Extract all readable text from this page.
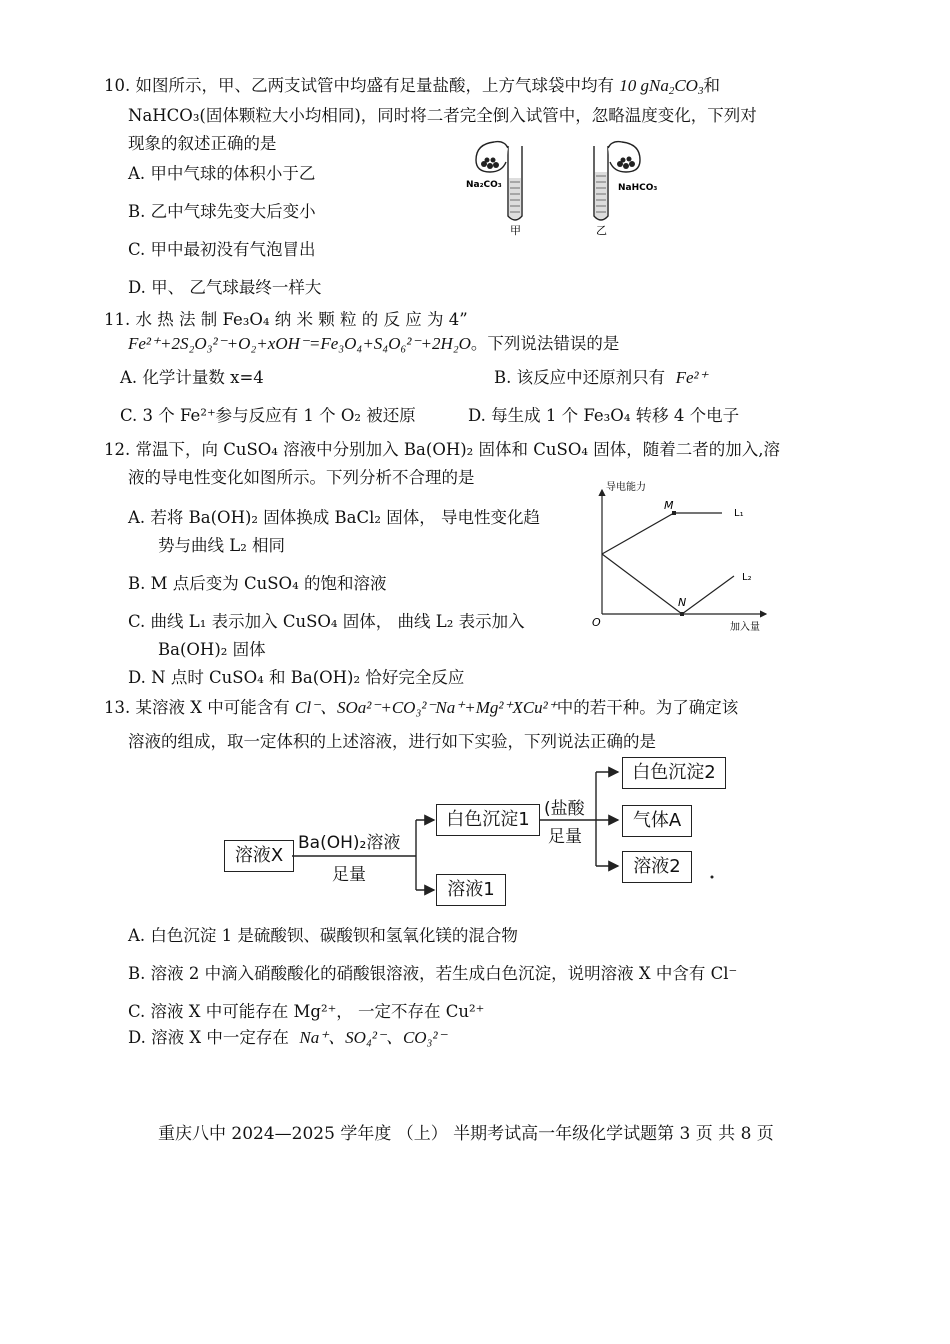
10. 如图所示，甲、乙两支试管中均盛有足量盐酸，上方气球袋中均有 10 gNa2CO3和
NaHCO₃(固体颗粒大小均相同)，同时将二者完全倒入试管中，忽略温度变化，下列对
现象的叙述正确的是
A. 甲中气球的体积小于乙
B. 乙中气球先变大后变小
C. 甲中最初没有气泡冒出
D. 甲、 乙气球最终一样大
Na₂CO₃	NaHCO₃
甲	乙
11. 水 热 法 制 Fe₃O₄ 纳 米 颗 粒 的 反 应 为 4”
Fe²⁺+2S₂O₃²⁻+O₂+xOH⁻=Fe₃O₄+S₄O₆²⁻+2H₂O。下列说法错误的是
A. 化学计量数 x=4	B. 该反应中还原剂只有 Fe²⁺
C. 3 个 Fe²⁺参与反应有 1 个 O₂ 被还原	D. 每生成 1 个 Fe₃O₄ 转移 4 个电子
12. 常温下，向 CuSO₄ 溶液中分别加入 Ba(OH)₂ 固体和 CuSO₄ 固体，随着二者的加入,溶
液的导电性变化如图所示。下列分析不合理的是
A. 若将 Ba(OH)₂ 固体换成 BaCl₂ 固体， 导电性变化趋
势与曲线 L₂ 相同
B. M 点后变为 CuSO₄ 的饱和溶液
C. 曲线 L₁ 表示加入 CuSO₄ 固体， 曲线 L₂ 表示加入
Ba(OH)₂ 固体
D. N 点时 CuSO₄ 和 Ba(OH)₂ 恰好完全反应
导电能力
加入量
O
M
N
L₁
L₂
13. 某溶液 X 中可能含有 Cl⁻、SOa²⁻+CO₃²⁻Na⁺+Mg²⁺XCu²⁺中的若干种。为了确定该
溶液的组成，取一定体积的上述溶液，进行如下实验，下列说法正确的是
溶液X
Ba(OH)₂溶液
足量
白色沉淀1
溶液1
(盐酸
足量
白色沉淀2
气体A
溶液2
A. 白色沉淀 1 是硫酸钡、碳酸钡和氢氧化镁的混合物
B. 溶液 2 中滴入硝酸酸化的硝酸银溶液，若生成白色沉淀，说明溶液 X 中含有 Cl⁻
C. 溶液 X 中可能存在 Mg²⁺， 一定不存在 Cu²⁺
D. 溶液 X 中一定存在 Na⁺、SO₄²⁻、CO₃²⁻
重庆八中 2024—2025 学年度 （上） 半期考试高一年级化学试题第 3 页 共 8 页
